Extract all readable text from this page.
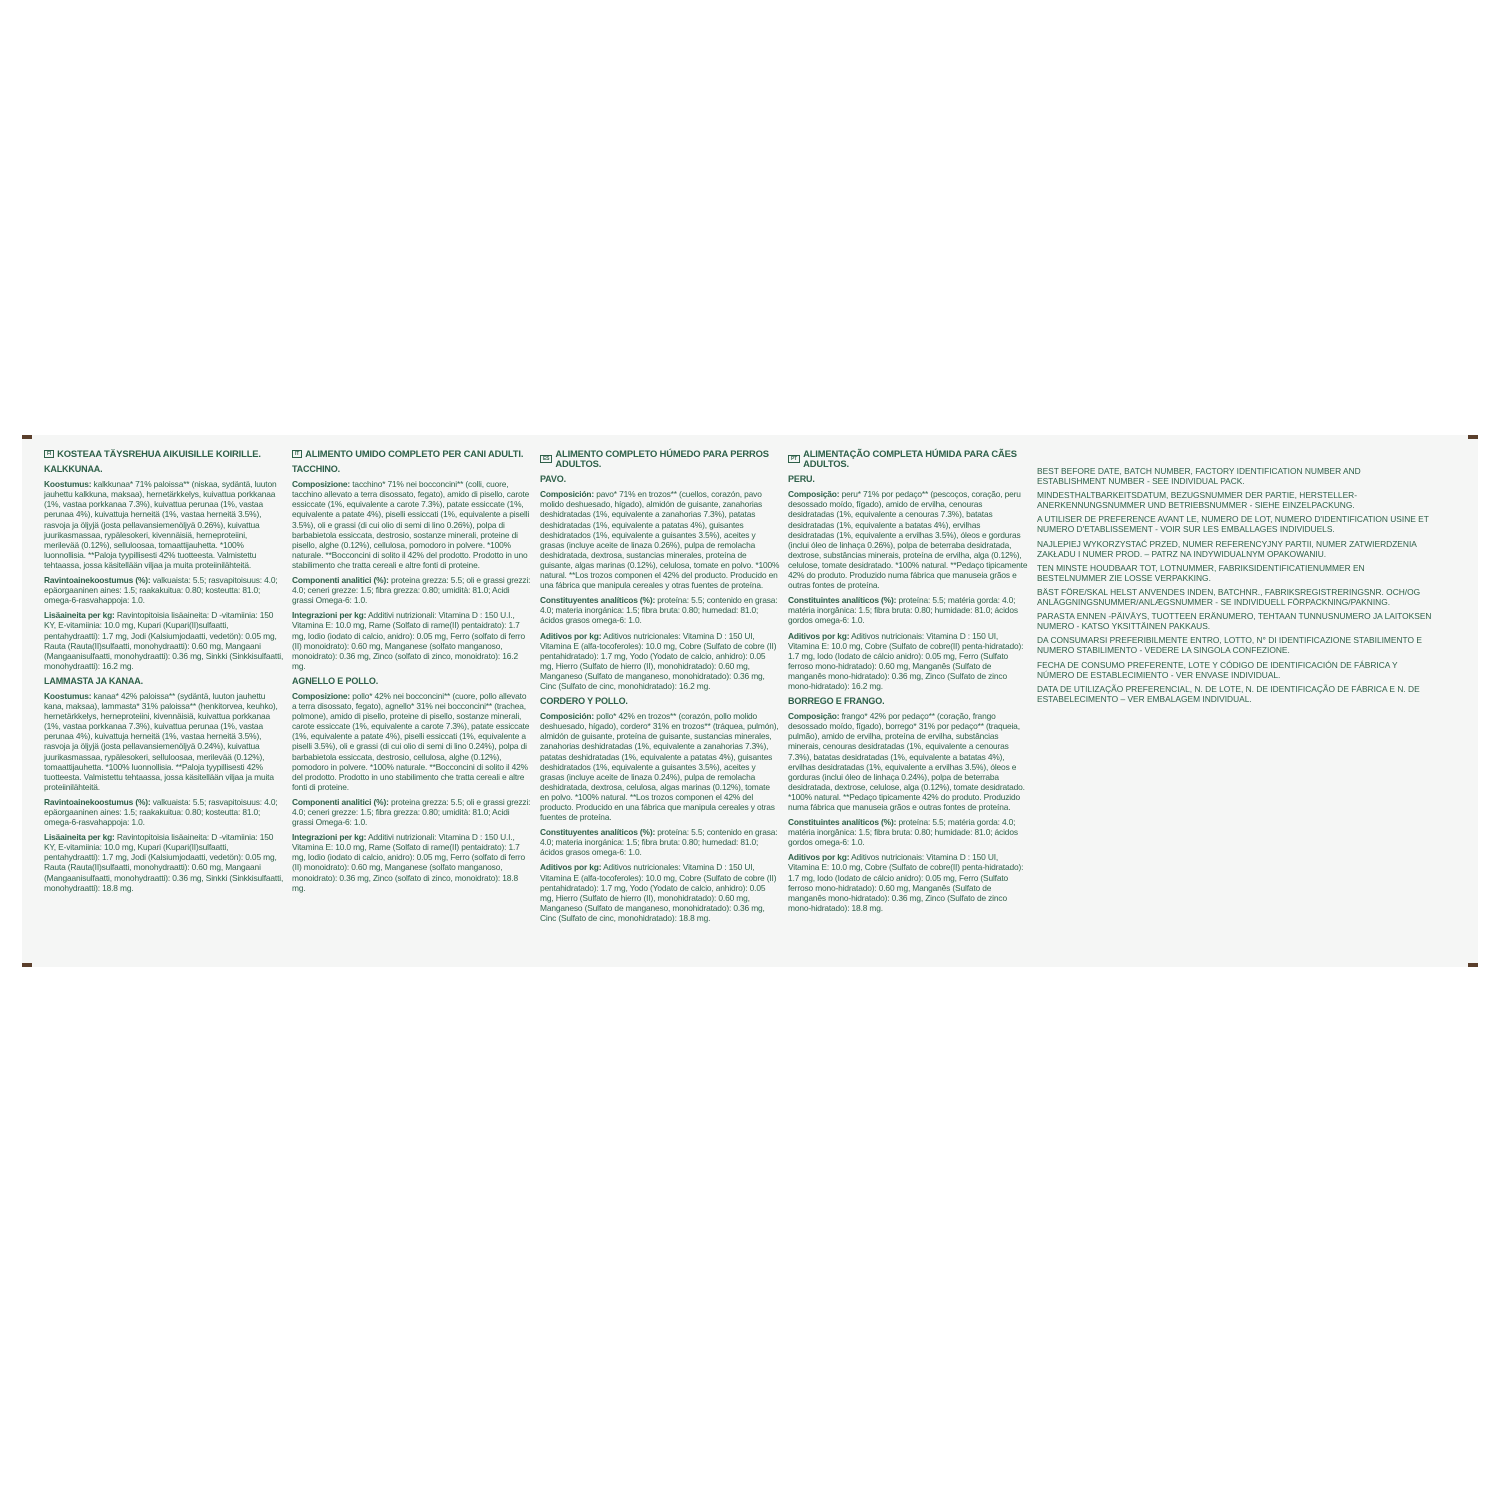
FI KOSTEAA TÄYSREHUA AIKUISILLE KOIRILLE.
KALKKUNAA.
Koostumus: kalkkunaa* 71% paloissa** (niskaa, sydäntä, luuton jauhettu kalkkuna, maksaa), hernetärkkelys, kuivattua porkkanaa (1%, vastaa porkkanaa 7.3%), kuivattua perunaa (1%, vastaa perunaa 4%), kuivattuja herneitä (1%, vastaa herneitä 3.5%), rasvoja ja öljyjä (josta pellavansiemenöljyä 0.26%), kuivattua juurikasmassaa, rypälesokeri, kivennäisiä, herneproteiini, merilevää (0.12%), selluloosaa, tomaattijauhetta. *100% luonnollisia. **Paloja tyypillisesti 42% tuotteesta. Valmistettu tehtaassa, jossa käsitellään viljaa ja muita proteiinilähteitä.
Ravintoainekoostumus (%): valkuaista: 5.5; rasvapitoisuus: 4.0; epäorgaaninen aines: 1.5; raakakuitua: 0.80; kosteutta: 81.0; omega-6-rasvahappoja: 1.0.
Lisäaineita per kg: Ravintopitoisia lisäaineita: D -vitamiinia: 150 KY, E-vitamiinia: 10.0 mg, Kupari (Kupari(II)sulfaatti, pentahydraatti): 1.7 mg, Jodi (Kalsiumjodaatti, vedetön): 0.05 mg, Rauta (Rauta(II)sulfaatti, monohydraatti): 0.60 mg, Mangaani (Mangaanisulfaatti, monohydraatti): 0.36 mg, Sinkki (Sinkkisulfaatti, monohydraatti): 16.2 mg.
LAMMASTA JA KANAA.
Koostumus: kanaa* 42% paloissa** (sydäntä, luuton jauhettu kana, maksaa), lammasta* 31% paloissa** (henkitorvea, keuhko), hernetärkkelys, herneproteiini, kivennäisiä, kuivattua porkkanaa (1%, vastaa porkkanaa 7.3%), kuivattua perunaa (1%, vastaa perunaa 4%), kuivattuja herneitä (1%, vastaa herneitä 3.5%), rasvoja ja öljyjä (josta pellavansiemenöljyä 0.24%), kuivattua juurikasmassaa, rypälesokeri, selluloosaa, merilevää (0.12%), tomaattijauhetta. *100% luonnollisia. **Paloja tyypillisesti 42% tuotteesta. Valmistettu tehtaassa, jossa käsitellään viljaa ja muita proteiinilähteitä.
Ravintoainekoostumus (%): valkuaista: 5.5; rasvapitoisuus: 4.0; epäorgaaninen aines: 1.5; raakakuitua: 0.80; kosteutta: 81.0; omega-6-rasvahappoja: 1.0.
Lisäaineita per kg: Ravintopitoisia lisäaineita: D -vitamiinia: 150 KY, E-vitamiinia: 10.0 mg, Kupari (Kupari(II)sulfaatti, pentahydraatti): 1.7 mg, Jodi (Kalsiumjodaatti, vedetön): 0.05 mg, Rauta (Rauta(II)sulfaatti, monohydraatti): 0.60 mg, Mangaani (Mangaanisulfaatti, monohydraatti): 0.36 mg, Sinkki (Sinkkisulfaatti, monohydraatti): 18.8 mg.
IT ALIMENTO UMIDO COMPLETO PER CANI ADULTI.
TACCHINO.
Composizione: tacchino* 71% nei bocconcini** (colli, cuore, tacchino allevato a terra disossato, fegato), amido di pisello, carote essiccate (1%, equivalente a carote 7.3%), patate essiccate (1%, equivalente a patate 4%), piselli essiccati (1%, equivalente a piselli 3.5%), oli e grassi (di cui olio di semi di lino 0.26%), polpa di barbabietola essiccata, destrosio, sostanze minerali, proteine di pisello, alghe (0.12%), cellulosa, pomodoro in polvere. *100% naturale. **Bocconcini di solito il 42% del prodotto. Prodotto in uno stabilimento che tratta cereali e altre fonti di proteine.
Componenti analitici (%): proteina grezza: 5.5; oli e grassi grezzi: 4.0; ceneri grezze: 1.5; fibra grezza: 0.80; umidità: 81.0; Acidi grassi Omega-6: 1.0.
Integrazioni per kg: Additivi nutrizionali: Vitamina D : 150 U.I., Vitamina E: 10.0 mg, Rame (Solfato di rame(II) pentaidrato): 1.7 mg, Iodio (iodato di calcio, anidro): 0.05 mg, Ferro (solfato di ferro (II) monoidrato): 0.60 mg, Manganese (solfato manganoso, monoidrato): 0.36 mg, Zinco (solfato di zinco, monoidrato): 16.2 mg.
AGNELLO E POLLO.
Composizione: pollo* 42% nei bocconcini** (cuore, pollo allevato a terra disossato, fegato), agnello* 31% nei bocconcini** (trachea, polmone), amido di pisello, proteine di pisello, sostanze minerali, carote essiccate (1%, equivalente a carote 7.3%), patate essiccate (1%, equivalente a patate 4%), piselli essiccati (1%, equivalente a piselli 3.5%), oli e grassi (di cui olio di semi di lino 0.24%), polpa di barbabietola essiccata, destrosio, cellulosa, alghe (0.12%), pomodoro in polvere. *100% naturale. **Bocconcini di solito il 42% del prodotto. Prodotto in uno stabilimento che tratta cereali e altre fonti di proteine.
Componenti analitici (%): proteina grezza: 5.5; oli e grassi grezzi: 4.0; ceneri grezze: 1.5; fibra grezza: 0.80; umidità: 81.0; Acidi grassi Omega-6: 1.0.
Integrazioni per kg: Additivi nutrizionali: Vitamina D : 150 U.I., Vitamina E: 10.0 mg, Rame (Solfato di rame(II) pentaidrato): 1.7 mg, Iodio (iodato di calcio, anidro): 0.05 mg, Ferro (solfato di ferro (II) monoidrato): 0.60 mg, Manganese (solfato manganoso, monoidrato): 0.36 mg, Zinco (solfato di zinco, monoidrato): 18.8 mg.
ES
ALIMENTO COMPLETO HÚMEDO PARA PERROS ADULTOS.
PAVO.
Composición: pavo* 71% en trozos** (cuellos, corazón, pavo molido deshuesado, hígado), almidón de guisante, zanahorias deshidratadas (1%, equivalente a zanahorias 7.3%), patatas deshidratadas (1%, equivalente a patatas 4%), guisantes deshidratados (1%, equivalente a guisantes 3.5%), aceites y grasas (incluye aceite de linaza 0.26%), pulpa de remolacha deshidratada, dextrosa, sustancias minerales, proteína de guisante, algas marinas (0.12%), celulosa, tomate en polvo. *100% natural. **Los trozos componen el 42% del producto. Producido en una fábrica que manipula cereales y otras fuentes de proteína.
Constituyentes analíticos (%): proteína: 5.5; contenido en grasa: 4.0; materia inorgánica: 1.5; fibra bruta: 0.80; humedad: 81.0; ácidos grasos omega-6: 1.0.
Aditivos por kg: Aditivos nutricionales: Vitamina D : 150 UI, Vitamina E (alfa-tocoferoles): 10.0 mg, Cobre (Sulfato de cobre (II) pentahidratado): 1.7 mg, Yodo (Yodato de calcio, anhidro): 0.05 mg, Hierro (Sulfato de hierro (II), monohidratado): 0.60 mg, Manganeso (Sulfato de manganeso, monohidratado): 0.36 mg, Cinc (Sulfato de cinc, monohidratado): 16.2 mg.
CORDERO Y POLLO.
Composición: pollo* 42% en trozos** (corazón, pollo molido deshuesado, hígado), cordero* 31% en trozos** (tráquea, pulmón), almidón de guisante, proteína de guisante, sustancias minerales, zanahorias deshidratadas (1%, equivalente a zanahorias 7.3%), patatas deshidratadas (1%, equivalente a patatas 4%), guisantes deshidratados (1%, equivalente a guisantes 3.5%), aceites y grasas (incluye aceite de linaza 0.24%), pulpa de remolacha deshidratada, dextrosa, celulosa, algas marinas (0.12%), tomate en polvo. *100% natural. **Los trozos componen el 42% del producto. Producido en una fábrica que manipula cereales y otras fuentes de proteína.
Constituyentes analíticos (%): proteína: 5.5; contenido en grasa: 4.0; materia inorgánica: 1.5; fibra bruta: 0.80; humedad: 81.0; ácidos grasos omega-6: 1.0.
Aditivos por kg: Aditivos nutricionales: Vitamina D : 150 UI, Vitamina E (alfa-tocoferoles): 10.0 mg, Cobre (Sulfato de cobre (II) pentahidratado): 1.7 mg, Yodo (Yodato de calcio, anhidro): 0.05 mg, Hierro (Sulfato de hierro (II), monohidratado): 0.60 mg, Manganeso (Sulfato de manganeso, monohidratado): 0.36 mg, Cinc (Sulfato de cinc, monohidratado): 18.8 mg.
PT
ALIMENTAÇÃO COMPLETA HÚMIDA PARA CÃES ADULTOS.
PERU.
Composição: peru* 71% por pedaço** (pescoços, coração, peru desossado moído, fígado), amido de ervilha, cenouras desidratadas (1%, equivalente a cenouras 7.3%), batatas desidratadas (1%, equivalente a batatas 4%), ervilhas desidratadas (1%, equivalente a ervilhas 3.5%), óleos e gorduras (inclui óleo de linhaça 0.26%), polpa de beterraba desidratada, dextrose, substâncias minerais, proteína de ervilha, alga (0.12%), celulose, tomate desidratado. *100% natural. **Pedaço tipicamente 42% do produto. Produzido numa fábrica que manuseia grãos e outras fontes de proteína.
Constituintes analíticos (%): proteína: 5.5; matéria gorda: 4.0; matéria inorgânica: 1.5; fibra bruta: 0.80; humidade: 81.0; ácidos gordos omega-6: 1.0.
Aditivos por kg: Aditivos nutricionais: Vitamina D : 150 UI, Vitamina E: 10.0 mg, Cobre (Sulfato de cobre(II) penta-hidratado): 1.7 mg, Iodo (Iodato de cálcio anidro): 0.05 mg, Ferro (Sulfato ferroso mono-hidratado): 0.60 mg, Manganês (Sulfato de manganês mono-hidratado): 0.36 mg, Zinco (Sulfato de zinco mono-hidratado): 16.2 mg.
BORREGO E FRANGO.
Composição: frango* 42% por pedaço** (coração, frango desossado moído, fígado), borrego* 31% por pedaço** (traqueia, pulmão), amido de ervilha, proteína de ervilha, substâncias minerais, cenouras desidratadas (1%, equivalente a cenouras 7.3%), batatas desidratadas (1%, equivalente a batatas 4%), ervilhas desidratadas (1%, equivalente a ervilhas 3.5%), óleos e gorduras (inclui óleo de linhaça 0.24%), polpa de beterraba desidratada, dextrose, celulose, alga (0.12%), tomate desidratado. *100% natural. **Pedaço tipicamente 42% do produto. Produzido numa fábrica que manuseia grãos e outras fontes de proteína.
Constituintes analíticos (%): proteína: 5.5; matéria gorda: 4.0; matéria inorgânica: 1.5; fibra bruta: 0.80; humidade: 81.0; ácidos gordos omega-6: 1.0.
Aditivos por kg: Aditivos nutricionais: Vitamina D : 150 UI, Vitamina E: 10.0 mg, Cobre (Sulfato de cobre(II) penta-hidratado): 1.7 mg, Iodo (Iodato de cálcio anidro): 0.05 mg, Ferro (Sulfato ferroso mono-hidratado): 0.60 mg, Manganês (Sulfato de manganês mono-hidratado): 0.36 mg, Zinco (Sulfato de zinco mono-hidratado): 18.8 mg.

BEST BEFORE DATE, BATCH NUMBER, FACTORY IDENTIFICATION NUMBER AND ESTABLISHMENT NUMBER - SEE INDIVIDUAL PACK.

MINDESTHALTBARKEITSDATUM, BEZUGSNUMMER DER PARTIE, HERSTELLER-ANERKENNUNGSNUMMER UND BETRIEBSNUMMER - SIEHE EINZELPACKUNG.

A UTILISER DE PREFERENCE AVANT LE, NUMERO DE LOT, NUMERO D'IDENTIFICATION USINE ET NUMERO D'ETABLISSEMENT - VOIR SUR LES EMBALLAGES INDIVIDUELS.

NAJLEPIEJ WYKORZYSTAĆ PRZED, NUMER REFERENCYJNY PARTII, NUMER ZATWIERDZENIA ZAKŁADU I NUMER PROD. – PATRZ NA INDYWIDUALNYM OPAKOWANIU.

TEN MINSTE HOUDBAAR TOT, LOTNUMMER, FABRIKSIDENTIFICATIENUMMER EN BESTELNUMMER ZIE LOSSE VERPAKKING.

BÄST FÖRE/SKAL HELST ANVENDES INDEN, BATCHNR., FABRIKSREGISTRERINGSNR. OCH/OG ANLÄGGNINGSNUMMER/ANLÆGSNUMMER - SE INDIVIDUELL FÖRPACKNING/PAKNING.

PARASTA ENNEN -PÄIVÄYS, TUOTTEEN ERÄNUMERO, TEHTAAN TUNNUSNUMERO JA LAITOKSEN NUMERO - KATSO YKSITTÄINEN PAKKAUS.

DA CONSUMARSI PREFERIBILMENTE ENTRO, LOTTO, N° DI IDENTIFICAZIONE STABILIMENTO E NUMERO STABILIMENTO - VEDERE LA SINGOLA CONFEZIONE.

FECHA DE CONSUMO PREFERENTE, LOTE Y CÓDIGO DE IDENTIFICACIÓN DE FÁBRICA Y NÚMERO DE ESTABLECIMIENTO - VER ENVASE INDIVIDUAL.

DATA DE UTILIZAÇÃO PREFERENCIAL, N. DE LOTE, N. DE IDENTIFICAÇÃO DE FÁBRICA E N. DE ESTABELECIMENTO – VER EMBALAGEM INDIVIDUAL.
